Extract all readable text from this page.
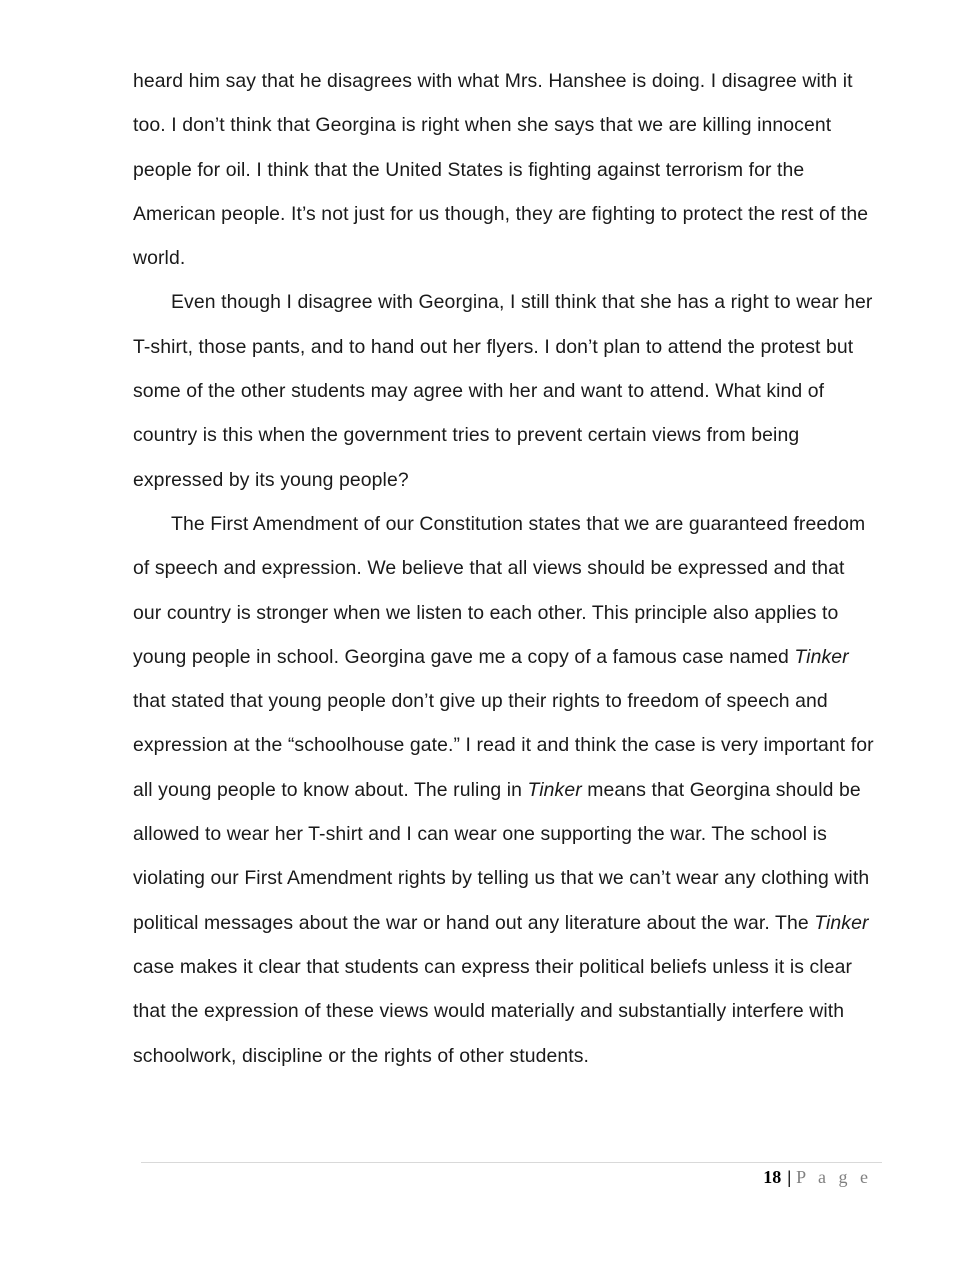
heard him say that he disagrees with what Mrs. Hanshee is doing. I disagree with it too. I don’t think that Georgina is right when she says that we are killing innocent people for oil. I think that the United States is fighting against terrorism for the American people. It’s not just for us though, they are fighting to protect the rest of the world.

Even though I disagree with Georgina, I still think that she has a right to wear her T-shirt, those pants, and to hand out her flyers. I don’t plan to attend the protest but some of the other students may agree with her and want to attend. What kind of country is this when the government tries to prevent certain views from being expressed by its young people?

The First Amendment of our Constitution states that we are guaranteed freedom of speech and expression. We believe that all views should be expressed and that our country is stronger when we listen to each other. This principle also applies to young people in school. Georgina gave me a copy of a famous case named Tinker that stated that young people don’t give up their rights to freedom of speech and expression at the “schoolhouse gate.” I read it and think the case is very important for all young people to know about. The ruling in Tinker means that Georgina should be allowed to wear her T-shirt and I can wear one supporting the war. The school is violating our First Amendment rights by telling us that we can’t wear any clothing with political messages about the war or hand out any literature about the war. The Tinker case makes it clear that students can express their political beliefs unless it is clear that the expression of these views would materially and substantially interfere with schoolwork, discipline or the rights of other students.

18 | P a g e
